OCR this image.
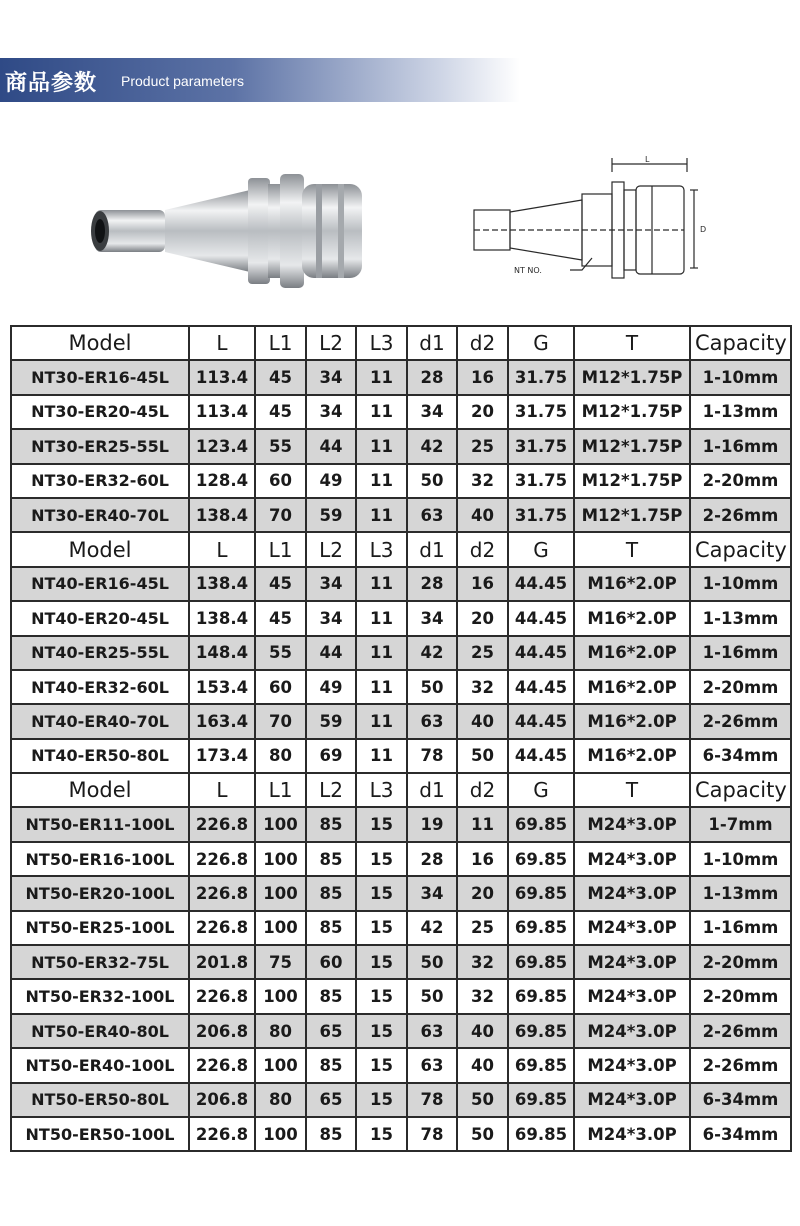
商品参数 Product parameters
L
D
NT NO.
Model	L	L1	L2	L3	d1	d2	G	T	Capacity
NT30-ER16-45L	113.4	45	34	11	28	16	31.75	M12*1.75P	1-10mm
NT30-ER20-45L	113.4	45	34	11	34	20	31.75	M12*1.75P	1-13mm
NT30-ER25-55L	123.4	55	44	11	42	25	31.75	M12*1.75P	1-16mm
NT30-ER32-60L	128.4	60	49	11	50	32	31.75	M12*1.75P	2-20mm
NT30-ER40-70L	138.4	70	59	11	63	40	31.75	M12*1.75P	2-26mm
Model	L	L1	L2	L3	d1	d2	G	T	Capacity
NT40-ER16-45L	138.4	45	34	11	28	16	44.45	M16*2.0P	1-10mm
NT40-ER20-45L	138.4	45	34	11	34	20	44.45	M16*2.0P	1-13mm
NT40-ER25-55L	148.4	55	44	11	42	25	44.45	M16*2.0P	1-16mm
NT40-ER32-60L	153.4	60	49	11	50	32	44.45	M16*2.0P	2-20mm
NT40-ER40-70L	163.4	70	59	11	63	40	44.45	M16*2.0P	2-26mm
NT40-ER50-80L	173.4	80	69	11	78	50	44.45	M16*2.0P	6-34mm
Model	L	L1	L2	L3	d1	d2	G	T	Capacity
NT50-ER11-100L	226.8	100	85	15	19	11	69.85	M24*3.0P	1-7mm
NT50-ER16-100L	226.8	100	85	15	28	16	69.85	M24*3.0P	1-10mm
NT50-ER20-100L	226.8	100	85	15	34	20	69.85	M24*3.0P	1-13mm
NT50-ER25-100L	226.8	100	85	15	42	25	69.85	M24*3.0P	1-16mm
NT50-ER32-75L	201.8	75	60	15	50	32	69.85	M24*3.0P	2-20mm
NT50-ER32-100L	226.8	100	85	15	50	32	69.85	M24*3.0P	2-20mm
NT50-ER40-80L	206.8	80	65	15	63	40	69.85	M24*3.0P	2-26mm
NT50-ER40-100L	226.8	100	85	15	63	40	69.85	M24*3.0P	2-26mm
NT50-ER50-80L	206.8	80	65	15	78	50	69.85	M24*3.0P	6-34mm
NT50-ER50-100L	226.8	100	85	15	78	50	69.85	M24*3.0P	6-34mm
